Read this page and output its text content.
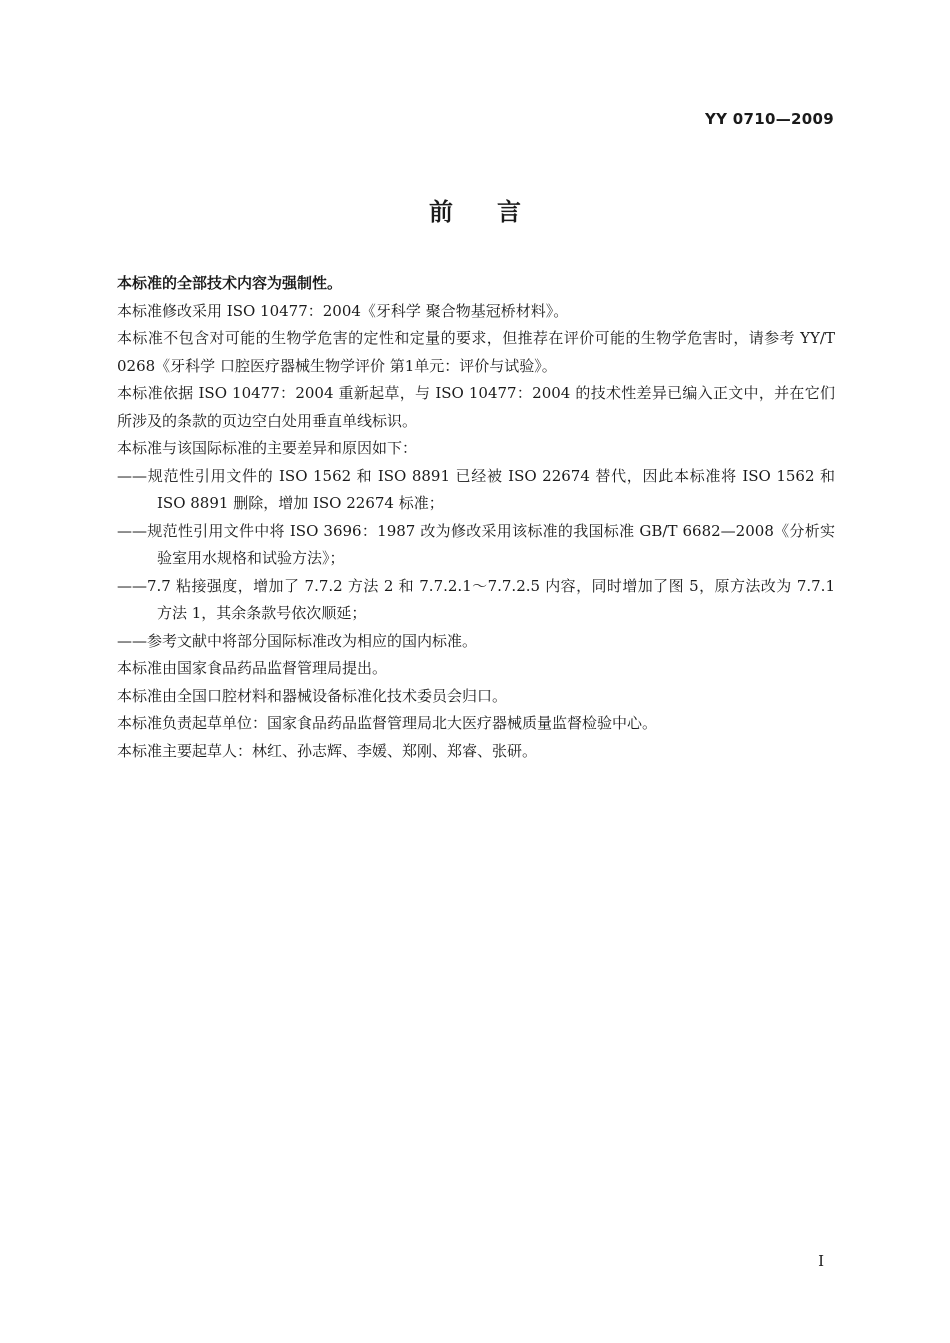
YY 0710—2009
前言

本标准的全部技术内容为强制性。

本标准修改采用 ISO 10477：2004《牙科学 聚合物基冠桥材料》。

本标准不包含对可能的生物学危害的定性和定量的要求，但推荐在评价可能的生物学危害时，请参考 YY/T 0268《牙科学 口腔医疗器械生物学评价 第1单元：评价与试验》。

本标准依据 ISO 10477：2004 重新起草，与 ISO 10477：2004 的技术性差异已编入正文中，并在它们所涉及的条款的页边空白处用垂直单线标识。

本标准与该国际标准的主要差异和原因如下：

——规范性引用文件的 ISO 1562 和 ISO 8891 已经被 ISO 22674 替代，因此本标准将 ISO 1562 和 ISO 8891 删除，增加 ISO 22674 标准；

——规范性引用文件中将 ISO 3696：1987 改为修改采用该标准的我国标准 GB/T 6682—2008《分析实验室用水规格和试验方法》；

——7.7 粘接强度，增加了 7.7.2 方法 2 和 7.7.2.1～7.7.2.5 内容，同时增加了图 5，原方法改为 7.7.1 方法 1，其余条款号依次顺延；

——参考文献中将部分国际标准改为相应的国内标准。

本标准由国家食品药品监督管理局提出。

本标准由全国口腔材料和器械设备标准化技术委员会归口。

本标准负责起草单位：国家食品药品监督管理局北大医疗器械质量监督检验中心。

本标准主要起草人：林红、孙志辉、李媛、郑刚、郑睿、张研。

I
